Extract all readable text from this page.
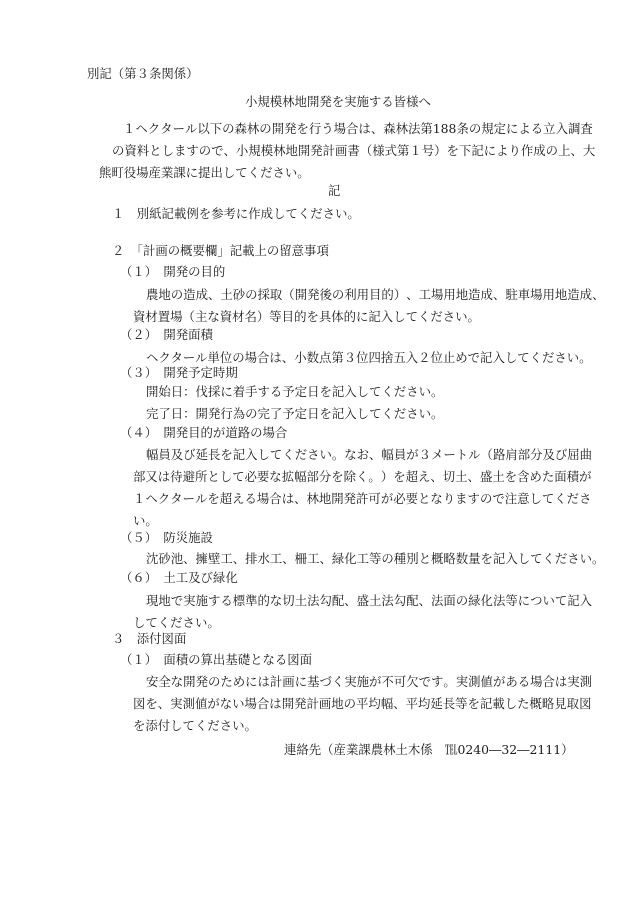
別記（第３条関係）
小規模林地開発を実施する皆様へ
１ ヘ ク タ ー ル 以 下 の 森 林 の 開 発 を 行 う 場 合 は 、 森 林 法 第 1 8 8 条 の 規 定 に よ る 立 入 調 査
の 資 料 と し ま す の で 、 小 規 模 林 地 開 発 計 画 書 （ 様 式 第 １ 号 ） を 下 記 に よ り 作 成 の 上 、 大
熊町役場産業課に提出してください。
記
１　別紙記載例を参考に作成してください。
２　「計画の概要欄」記載上の留意事項
（１）　開発の目的
農 地 の 造 成 、 土 砂 の 採 取 （ 開 発 後 の 利 用 目 的 ） 、 工 場 用 地 造 成 、 駐 車 場 用 地 造 成 、
資材置場（主な資材名）等目的を具体的に記入してください。
（２）　開発面積
ヘクタール単位の場合は、小数点第３位四捨五入２位止めで記入してください。
（３）　開発予定時期
開始日：伐採に着手する予定日を記入してください。
完了日：開発行為の完了予定日を記入してください。
（４）　開発目的が道路の場合
幅 員 及 び 延 長 を 記 入 し て く だ さ い 。 な お 、 幅 員 が ３ メ ー ト ル （ 路 肩 部 分 及 び 屈 曲
部 又 は 待 避 所 と し て 必 要 な 拡 幅 部 分 を 除 く 。 ） を 超 え 、 切 土 、 盛 土 を 含 め た 面 積 が
１ ヘ ク タ ー ル を 超 え る 場 合 は 、 林 地 開 発 許 可 が 必 要 と な り ま す の で 注 意 し て く だ さ
い。
（５）　防災施設
沈砂池、擁壁工、排水工、柵工、緑化工等の種別と概略数量を記入してください。
（６）　土工及び緑化
現 地 で 実 施 す る 標 準 的 な 切 土 法 勾 配 、 盛 土 法 勾 配 、 法 面 の 緑 化 法 等 に つ い て 記 入
してください。
３　添付図面
（１）　面積の算出基礎となる図面
安 全 な 開 発 の た め に は 計 画 に 基 づ く 実 施 が 不 可 欠 で す 。 実 測 値 が あ る 場 合 は 実 測
図 を 、 実 測 値 が な い 場 合 は 開 発 計 画 地 の 平 均 幅 、 平 均 延 長 等 を 記 載 し た 概 略 見 取 図
を添付してください。
連絡先（産業課農林土木係　℡0240―32―2111）
